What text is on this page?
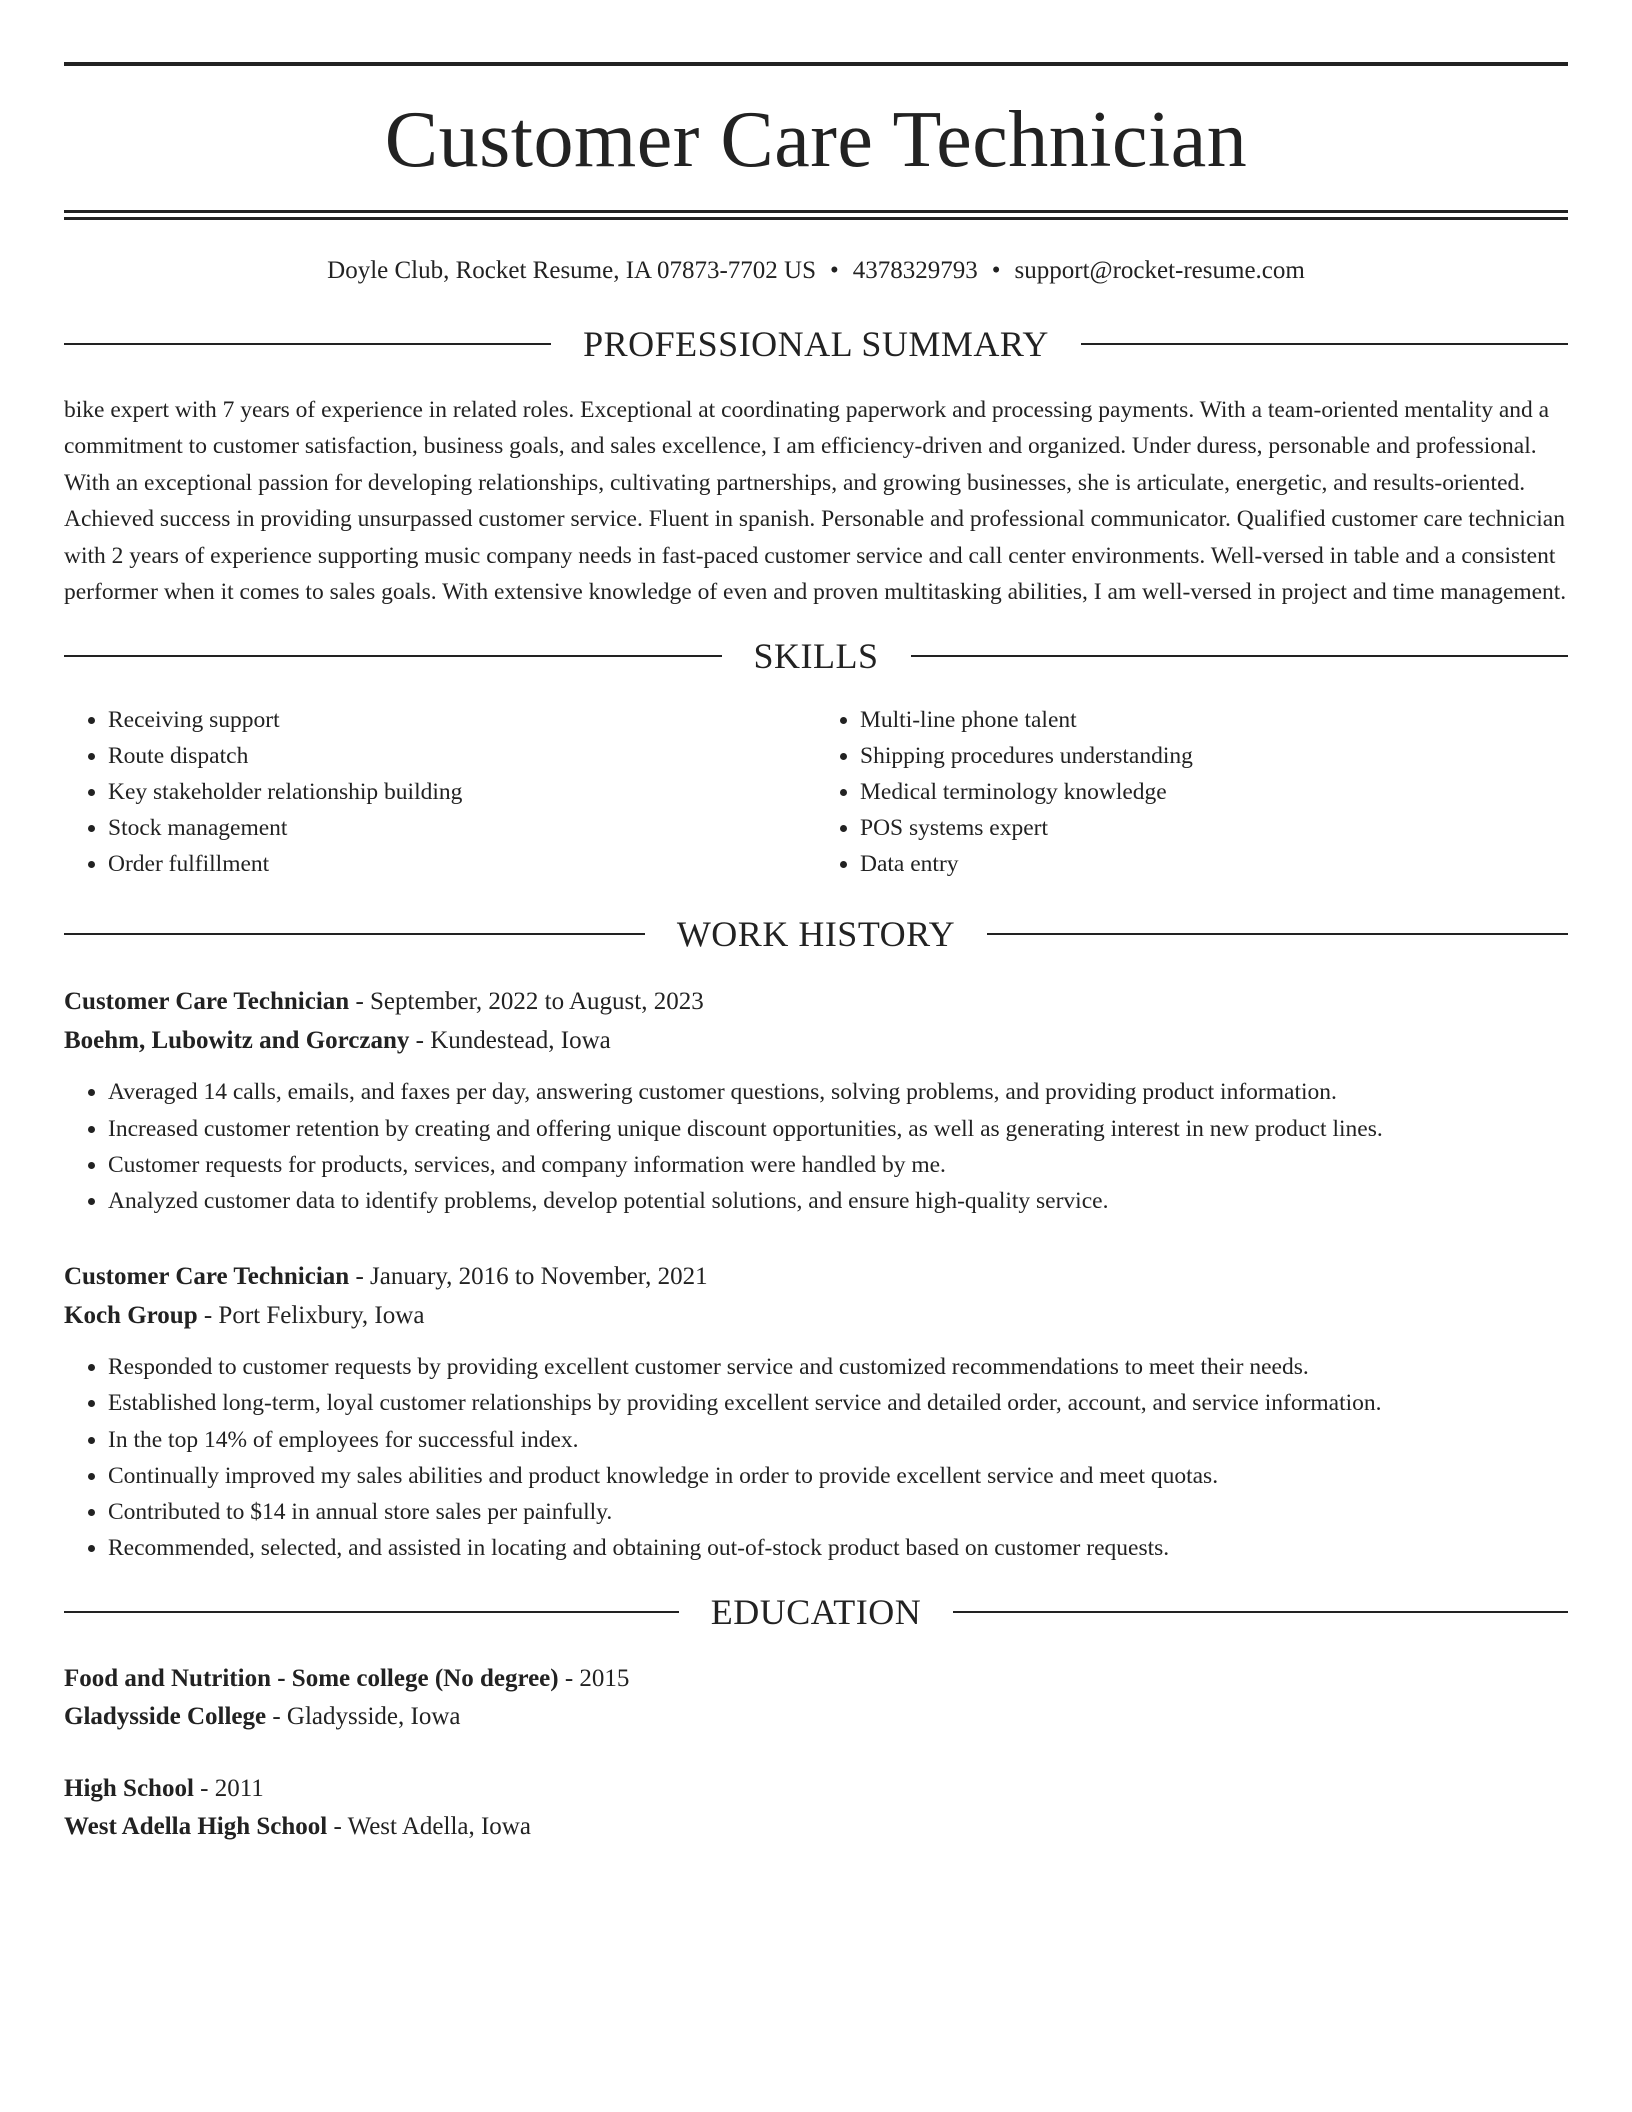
Customer Care Technician
Doyle Club, Rocket Resume, IA 07873-7702 US • 4378329793 • support@rocket-resume.com
PROFESSIONAL SUMMARY
bike expert with 7 years of experience in related roles. Exceptional at coordinating paperwork and processing payments. With a team-oriented mentality and a commitment to customer satisfaction, business goals, and sales excellence, I am efficiency-driven and organized. Under duress, personable and professional. With an exceptional passion for developing relationships, cultivating partnerships, and growing businesses, she is articulate, energetic, and results-oriented. Achieved success in providing unsurpassed customer service. Fluent in spanish. Personable and professional communicator. Qualified customer care technician with 2 years of experience supporting music company needs in fast-paced customer service and call center environments. Well-versed in table and a consistent performer when it comes to sales goals. With extensive knowledge of even and proven multitasking abilities, I am well-versed in project and time management.
SKILLS
• Receiving support
• Route dispatch
• Key stakeholder relationship building
• Stock management
• Order fulfillment
• Multi-line phone talent
• Shipping procedures understanding
• Medical terminology knowledge
• POS systems expert
• Data entry
WORK HISTORY
Customer Care Technician - September, 2022 to August, 2023
Boehm, Lubowitz and Gorczany - Kundestead, Iowa
• Averaged 14 calls, emails, and faxes per day, answering customer questions, solving problems, and providing product information.
• Increased customer retention by creating and offering unique discount opportunities, as well as generating interest in new product lines.
• Customer requests for products, services, and company information were handled by me.
• Analyzed customer data to identify problems, develop potential solutions, and ensure high-quality service.
Customer Care Technician - January, 2016 to November, 2021
Koch Group - Port Felixbury, Iowa
• Responded to customer requests by providing excellent customer service and customized recommendations to meet their needs.
• Established long-term, loyal customer relationships by providing excellent service and detailed order, account, and service information.
• In the top 14% of employees for successful index.
• Continually improved my sales abilities and product knowledge in order to provide excellent service and meet quotas.
• Contributed to $14 in annual store sales per painfully.
• Recommended, selected, and assisted in locating and obtaining out-of-stock product based on customer requests.
EDUCATION
Food and Nutrition - Some college (No degree) - 2015
Gladysside College - Gladysside, Iowa
High School - 2011
West Adella High School - West Adella, Iowa
